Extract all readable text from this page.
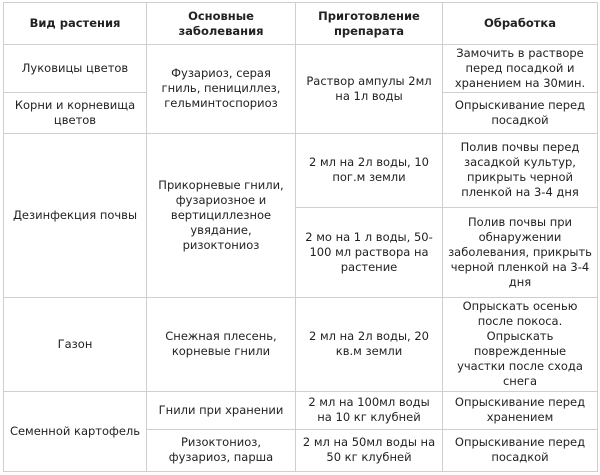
Вид растения	Основные заболевания	Приготовление препарата	Обработка
Луковицы цветов	Фузариоз, серая гниль, пенициллез, гельминтоспориоз	Раствор ампулы 2мл на 1л воды	Замочить в растворе перед посадкой и хранением на 30мин.
Корни и корневища цветов			Опрыскивание перед посадкой
Дезинфекция почвы	Прикорневые гнили, фузариозное и вертициллезное увядание, ризоктониоз	2 мл на 2л воды, 10 пог.м земли	Полив почвы перед засадкой культур, прикрыть черной пленкой на 3-4 дня
		2 мо на 1 л воды, 50-100 мл раствора на растение	Полив почвы при обнаружении заболевания, прикрыть черной пленкой на 3-4 дня
Газон	Снежная плесень, корневые гнили	2 мл на 2л воды, 20 кв.м земли	Опрыскать осенью после покоса. Опрыскать поврежденные участки после схода снега
Семенной картофель	Гнили при хранении	2 мл на 100мл воды на 10 кг клубней	Опрыскивание перед хранением
	Ризоктониоз, фузариоз, парша	2 мл на 50мл воды на 50 кг клубней	Опрыскивание перед посадкой
